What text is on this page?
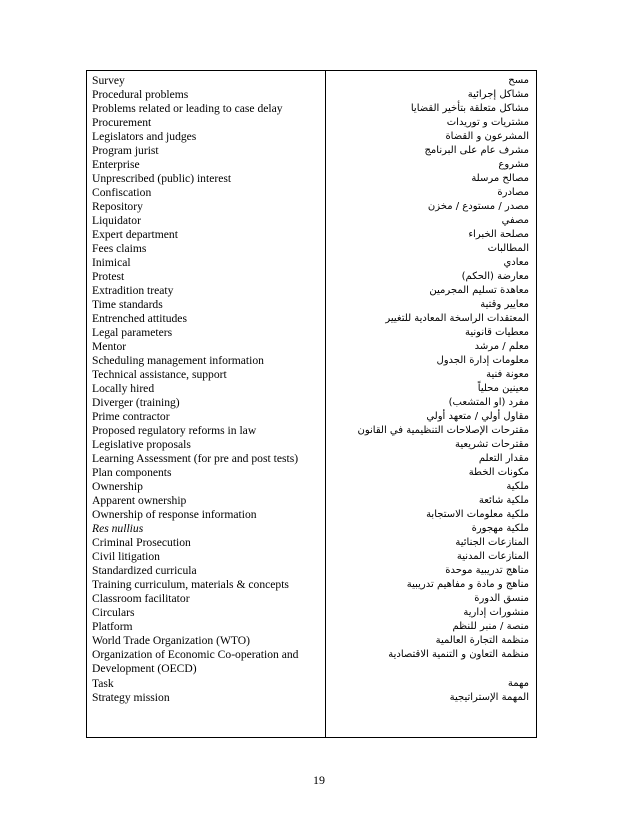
Survey
Procedural problems
Problems related or leading to case delay
Procurement
Legislators and judges
Program jurist
Enterprise
Unprescribed (public) interest
Confiscation
Repository
Liquidator
Expert department
Fees claims
Inimical
Protest
Extradition treaty
Time standards
Entrenched attitudes
Legal parameters
Mentor
Scheduling management information
Technical assistance, support
Locally hired
Diverger (training)
Prime contractor
Proposed regulatory reforms in law
Legislative proposals
Learning Assessment (for pre and post tests)
Plan components
Ownership
Apparent ownership
Ownership of response information
Res nullius
Criminal Prosecution
Civil litigation
Standardized curricula
Training curriculum, materials & concepts
Classroom facilitator
Circulars
Platform
World Trade Organization (WTO)
Organization of Economic Co-operation and Development (OECD)
Task
Strategy mission
مسح
مشاكل إجرائية
مشاكل متعلقة بتأخير القضايا
مشتريات و توريدات
المشرعون و القضاة
مشرف عام على البرنامج
مشروع
مصالح مرسلة
مصادرة
مصدر / مستودع / مخزن
مصفي
مصلحة الخبراء
المطالبات
معادي
معارضة (الحكم)
معاهدة تسليم المجرمين
معايير وقتية
المعتقدات الراسخة المعادية للتغيير
معطيات قانونية
معلم / مرشد
معلومات إدارة الجدول
معونة فنية
معينين محلياً
مفرد (او المتشعب)
مقاول أولي / متعهد أولي
مقترحات الإصلاحات التنظيمية في القانون
مقترحات تشريعية
مقدار التعلم
مكونات الخطة
ملكية
ملكية شائعة
ملكية معلومات الاستجابة
ملكية مهجورة
المنازعات الجنائية
المنازعات المدنية
مناهج تدريبية موحدة
مناهج و مادة و مفاهيم تدريبية
منسق الدورة
منشورات إدارية
منصة / منبر للنظم
منظمة التجارة العالمية
منظمة التعاون و التنمية الاقتصادية
مهمة
المهمة الإستراتيجية
19
